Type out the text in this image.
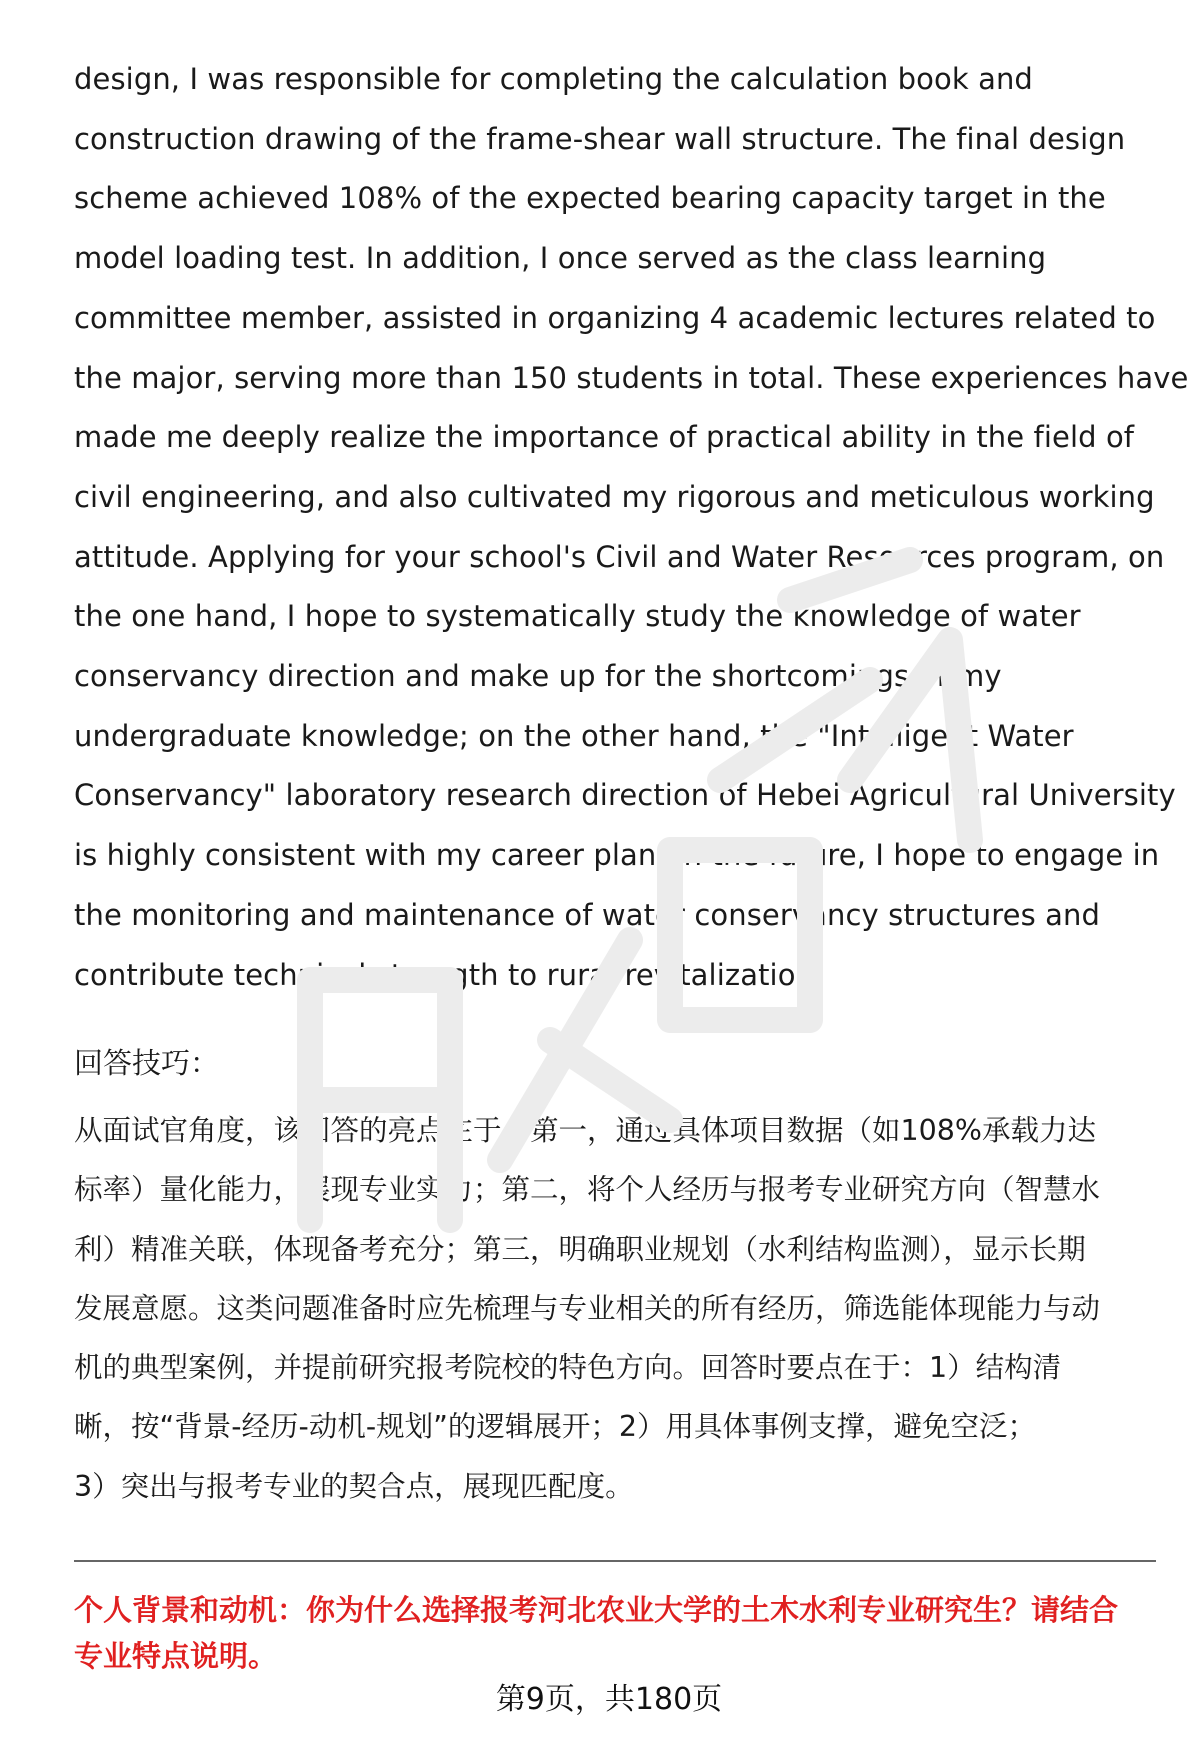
design, I was responsible for completing the calculation book and
construction drawing of the frame-shear wall structure. The final design
scheme achieved 108% of the expected bearing capacity target in the
model loading test. In addition, I once served as the class learning
committee member, assisted in organizing 4 academic lectures related to
the major, serving more than 150 students in total. These experiences have
made me deeply realize the importance of practical ability in the field of
civil engineering, and also cultivated my rigorous and meticulous working
attitude. Applying for your school's Civil and Water Resources program, on
the one hand, I hope to systematically study the knowledge of water
conservancy direction and make up for the shortcomings of my
undergraduate knowledge; on the other hand, the "Intelligent Water
Conservancy" laboratory research direction of Hebei Agricultural University
is highly consistent with my career plan. In the future, I hope to engage in
the monitoring and maintenance of water conservancy structures and
contribute technical strength to rural revitalization.
回答技巧：
从面试官角度，该回答的亮点在于：第一，通过具体项目数据（如108%承载力达
标率）量化能力，展现专业实力；第二，将个人经历与报考专业研究方向（智慧水
利）精准关联，体现备考充分；第三，明确职业规划（水利结构监测），显示长期
发展意愿。这类问题准备时应先梳理与专业相关的所有经历，筛选能体现能力与动
机的典型案例，并提前研究报考院校的特色方向。回答时要点在于：1）结构清
晰，按“背景-经历-动机-规划”的逻辑展开；2）用具体事例支撑，避免空泛；
3）突出与报考专业的契合点，展现匹配度。
个人背景和动机：你为什么选择报考河北农业大学的土木水利专业研究生？请结合
专业特点说明。
第9页，共180页
